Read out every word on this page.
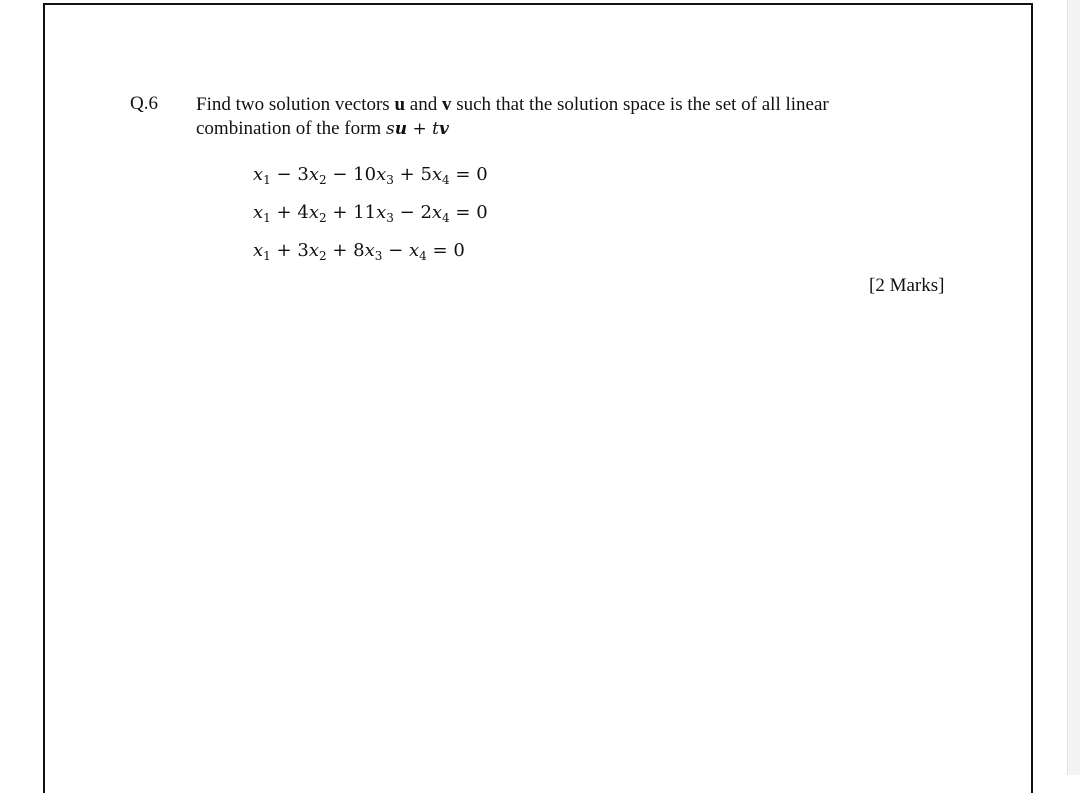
Q.6 Find two solution vectors u and v such that the solution space is the set of all linear combination of the form su + tv
$x_1 - 3x_2 - 10x_3 + 5x_4 = 0$
$x_1 + 4x_2 + 11x_3 - 2x_4 = 0$
$x_1 + 3x_2 + 8x_3 - x_4 = 0$
[2 Marks]
